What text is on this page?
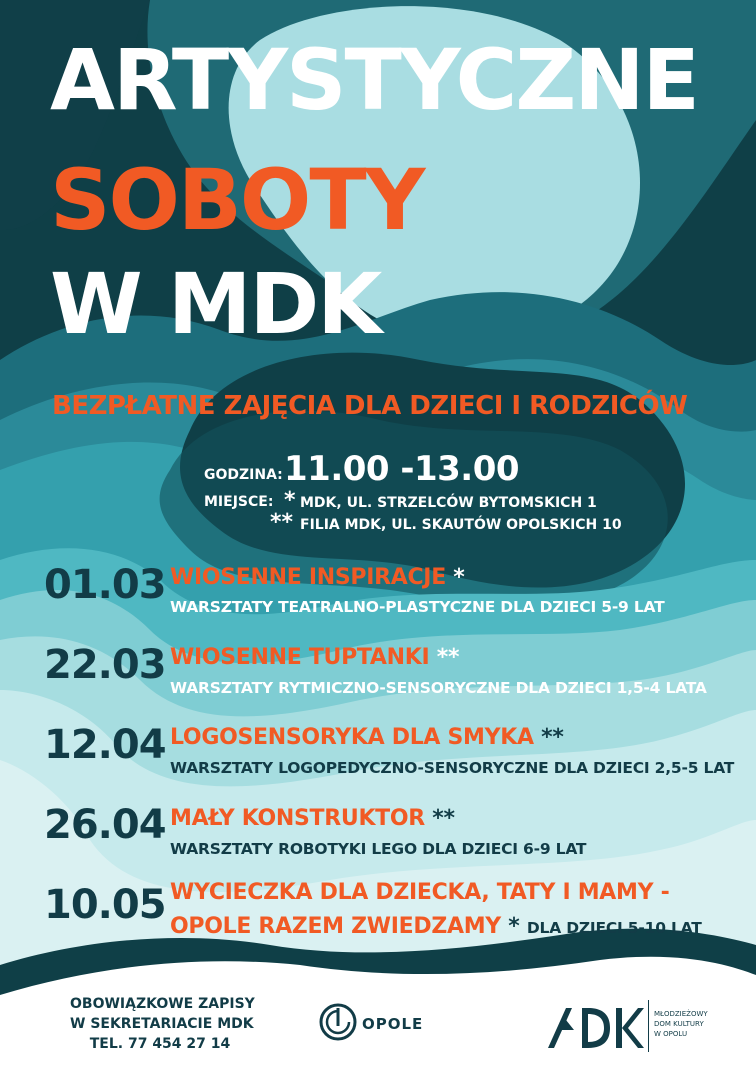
ARTYSTYCZNE
SOBOTY
W MDK
BEZPŁATNE ZAJĘCIA DLA DZIECI I RODZICÓW
GODZINA: 11.00 -13.00
MIEJSCE: * MDK, UL. STRZELCÓW BYTOMSKICH 1
** FILIA MDK, UL. SKAUTÓW OPOLSKICH 10
01.03 WIOSENNE INSPIRACJE *
WARSZTATY TEATRALNO-PLASTYCZNE DLA DZIECI 5-9 LAT
22.03 WIOSENNE TUPTANKI **
WARSZTATY RYTMICZNO-SENSORYCZNE DLA DZIECI 1,5-4 LATA
12.04 LOGOSENSORYKA DLA SMYKA **
WARSZTATY LOGOPEDYCZNO-SENSORYCZNE DLA DZIECI 2,5-5 LAT
26.04 MAŁY KONSTRUKTOR **
WARSZTATY ROBOTYKI LEGO DLA DZIECI 6-9 LAT
10.05 WYCIECZKA DLA DZIECKA, TATY I MAMY -
OPOLE RAZEM ZWIEDZAMY * DLA DZIECI 5-10 LAT
OBOWIĄZKOWE ZAPISY
W SEKRETARIACIE MDK
TEL. 77 454 27 14
OPOLE
MŁODZIEŻOWY
DOM KULTURY
W OPOLU
